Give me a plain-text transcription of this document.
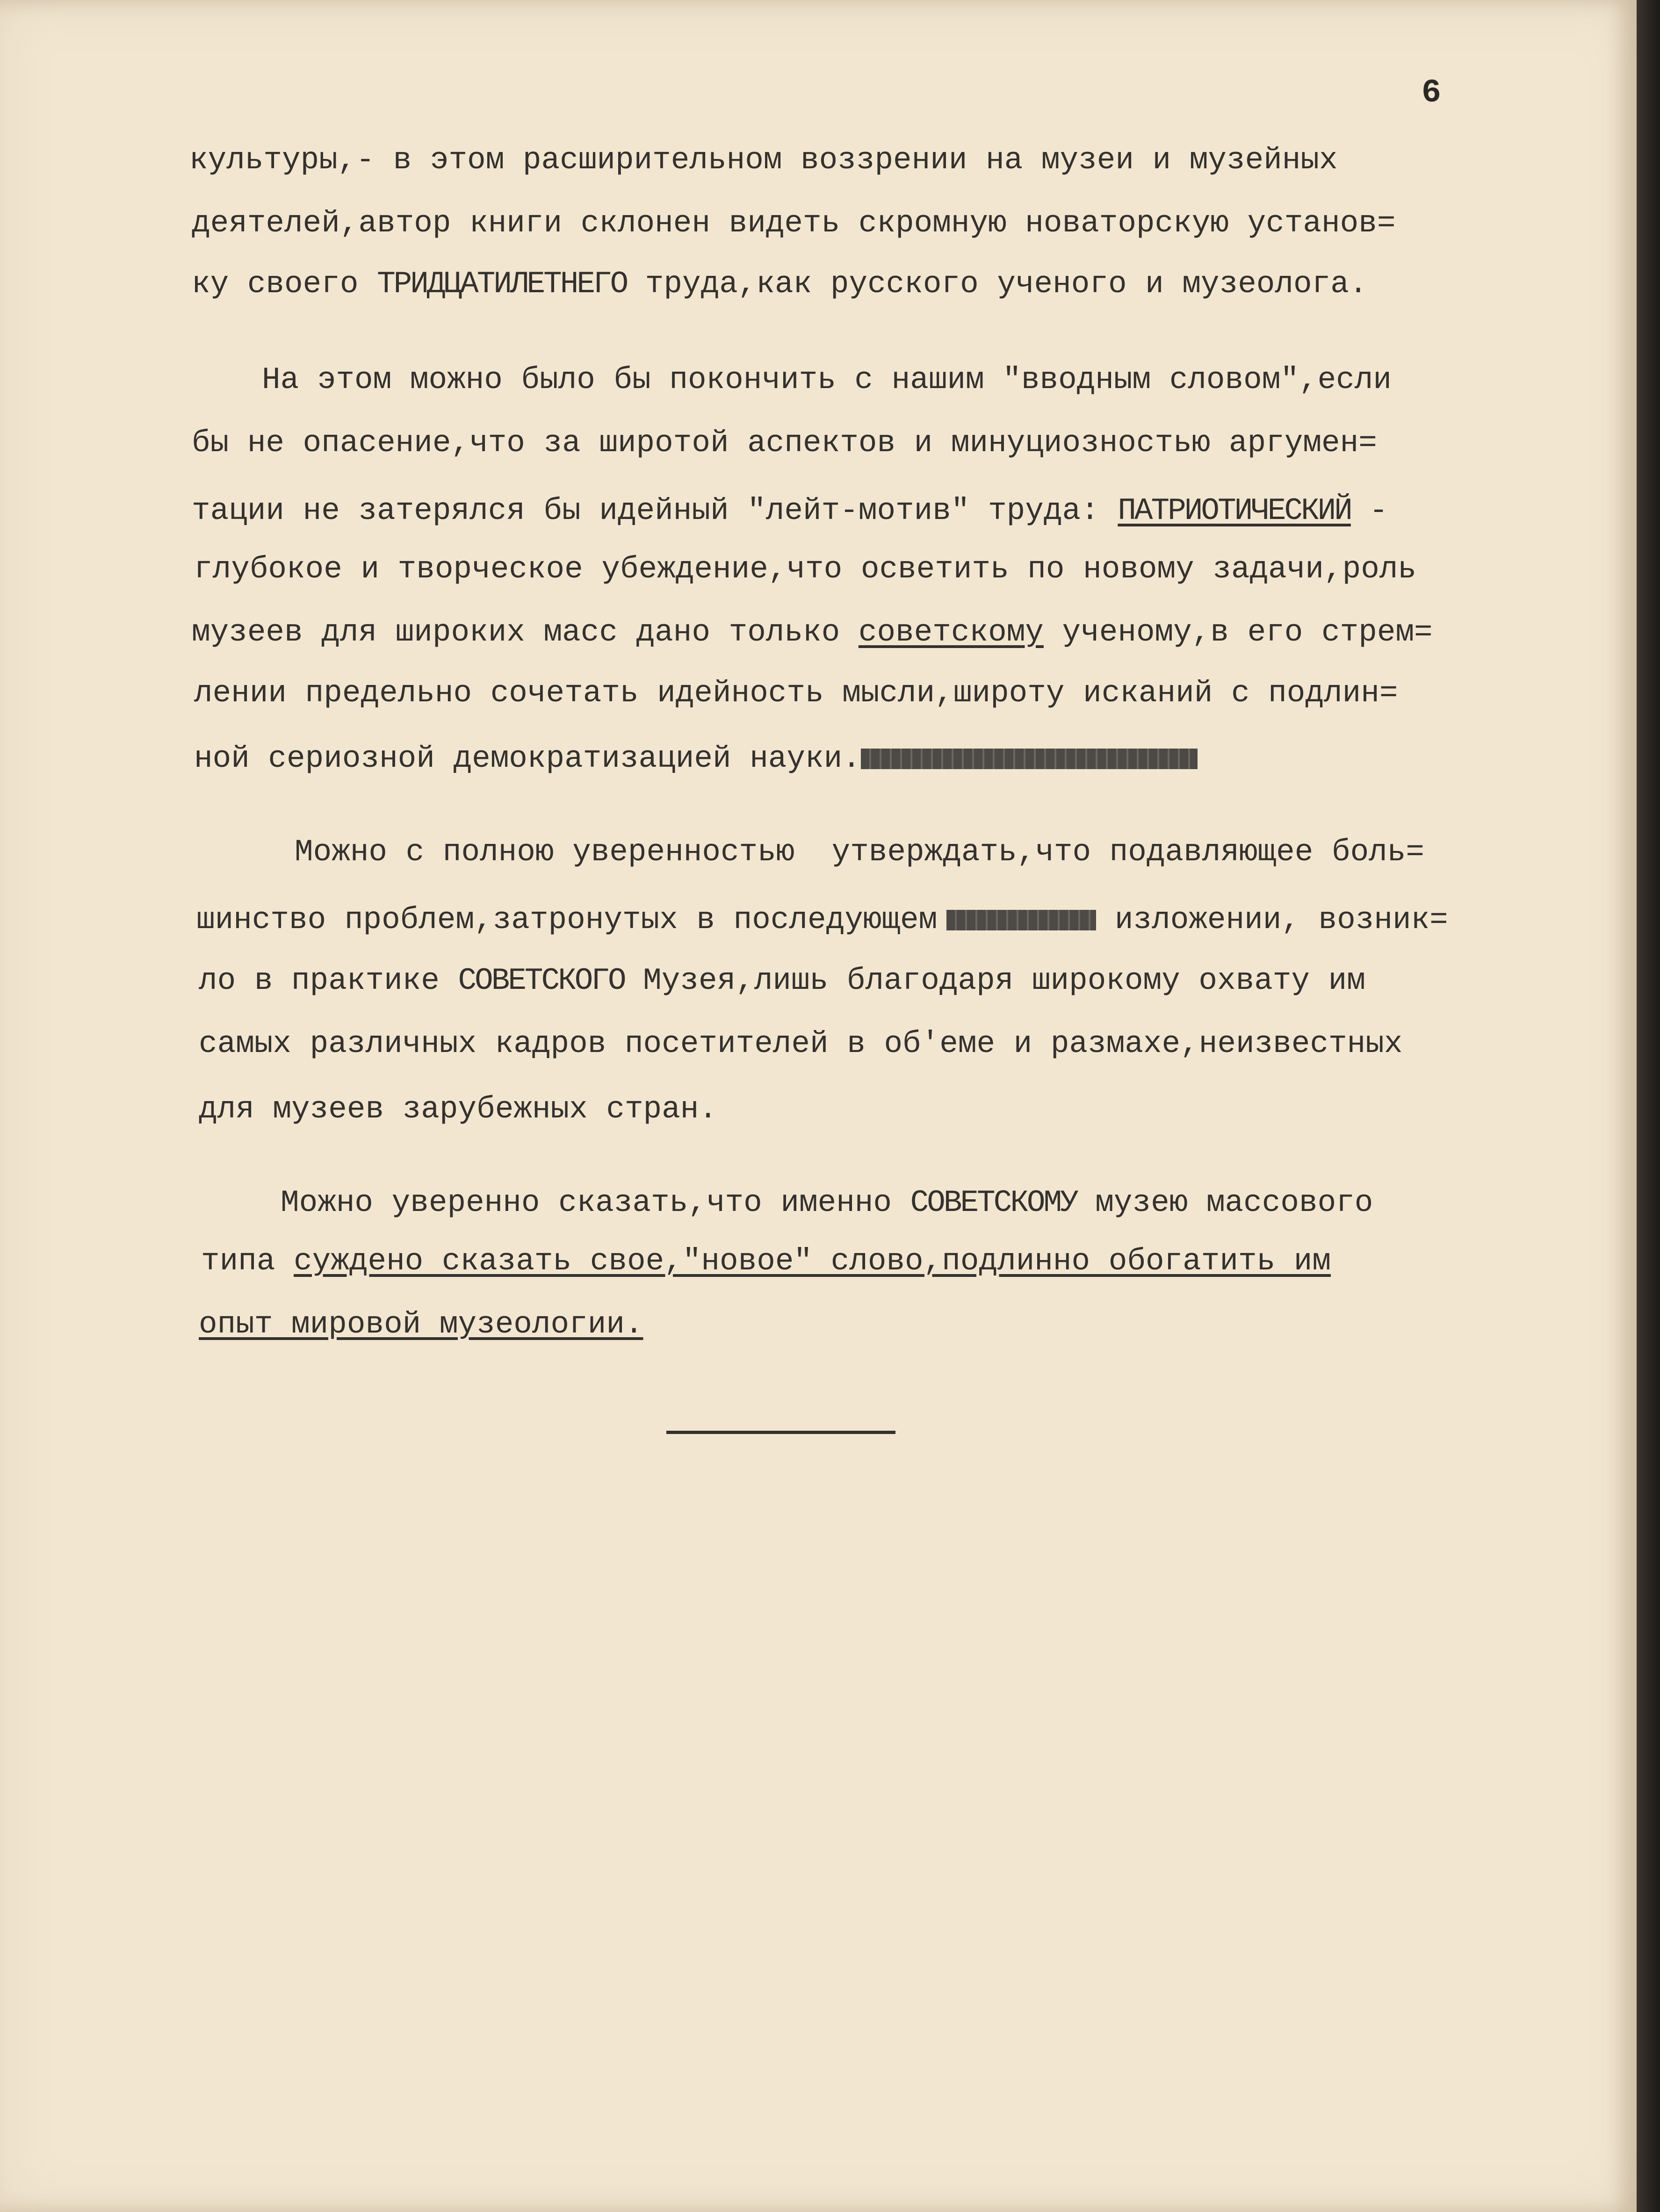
6
культуры,- в этом расширительном воззрении на музеи и музейных
деятелей,автор книги склонен видеть скромную новаторскую установ=
ку своего ТРИДЦАТИЛЕТНЕГО труда,как русского ученого и музеолога.
На этом можно было бы покончить с нашим "вводным словом",если
бы не опасение,что за широтой аспектов и минуциозностью аргумен=
тации не затерялся бы идейный "лейт-мотив" труда: ПАТРИОТИЧЕСКИЙ -
глубокое и творческое убеждение,что осветить по новому задачи,роль
музеев для широких масс дано только советскому ученому,в его стрем=
лении предельно сочетать идейность мысли,широту исканий с подлин=
ной сериозной демократизацией науки.
Можно с полною уверенностью  утверждать,что подавляющее боль=
шинство проблем,затронутых в последующем	изложении, возник=
ло в практике СОВЕТСКОГО Музея,лишь благодаря широкому охвату им
самых различных кадров посетителей в об'еме и размахе,неизвестных
для музеев зарубежных стран.
Можно уверенно сказать,что именно СОВЕТСКОМУ музею массового
типа суждено сказать свое,"новое" слово,подлинно обогатить им
опыт мировой музеологии.
